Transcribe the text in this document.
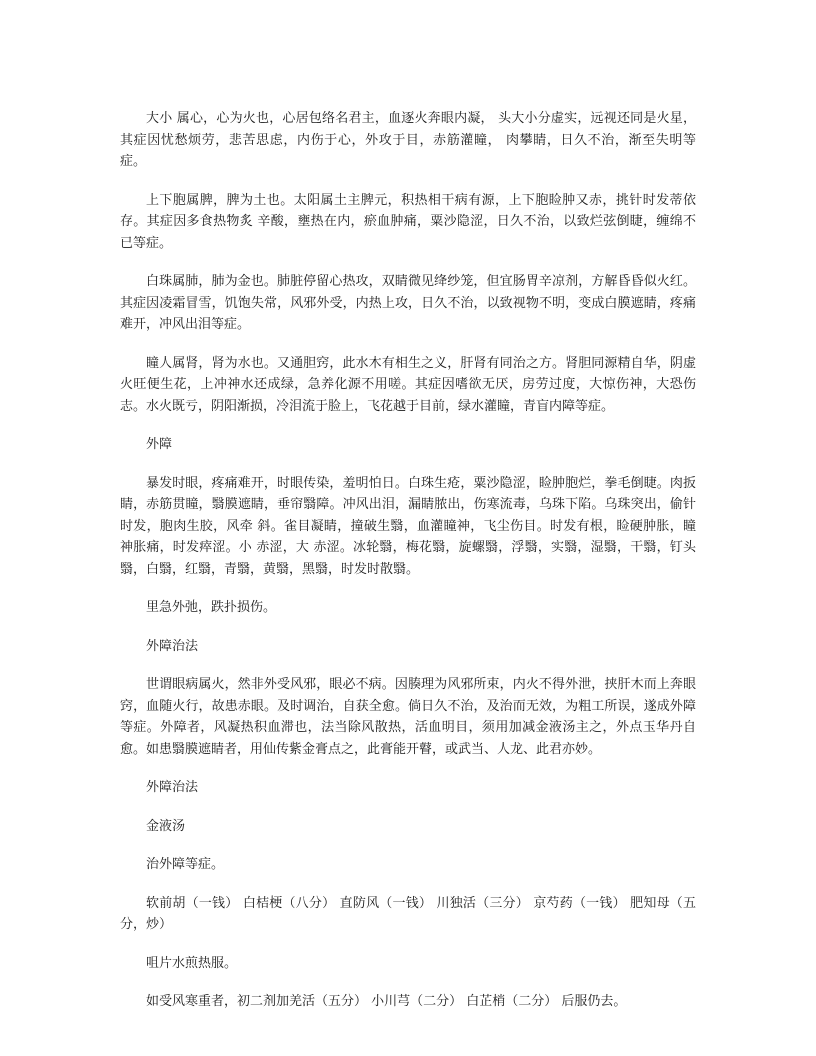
大小 属心，心为火也，心居包络名君主，血逐火奔眼内凝， 头大小分虚实，远视还同是火星，其症因忧愁烦劳，悲苦思虑，内伤于心，外攻于目，赤筋灌瞳， 肉攀睛，日久不治，渐至失明等症。

上下胞属脾，脾为土也。太阳属土主脾元，积热相干病有源，上下胞睑肿又赤，挑针时发蒂依存。其症因多食热物炙 辛酸，壅热在内，瘀血肿痛，粟沙隐涩，日久不治，以致烂弦倒睫，缠绵不已等症。

白珠属肺，肺为金也。肺脏停留心热攻，双睛微见绛纱笼，但宜肠胃辛凉剂，方解昏昏似火红。其症因凌霜冒雪，饥饱失常，风邪外受，内热上攻，日久不治，以致视物不明，变成白膜遮睛，疼痛难开，冲风出泪等症。

瞳人属肾，肾为水也。又通胆窍，此水木有相生之义，肝肾有同治之方。肾胆同源精自华，阴虚火旺便生花，上冲神水还成绿，急养化源不用嗟。其症因嗜欲无厌，房劳过度，大惊伤神，大恐伤志。水火既亏，阴阳渐损，冷泪流于脸上，飞花越于目前，绿水灌瞳，青盲内障等症。

外障

暴发时眼，疼痛难开，时眼传染，羞明怕日。白珠生疮，粟沙隐涩，睑肿胞烂，拳毛倒睫。肉扳睛，赤筋贯瞳，翳膜遮睛，垂帘翳障。冲风出泪，漏睛脓出，伤寒流毒，乌珠下陷。乌珠突出，偷针时发，胞肉生胶，风牵 斜。雀目凝睛，撞破生翳，血灌瞳神，飞尘伤目。时发有根，睑硬肿胀，瞳神胀痛，时发瘁涩。小 赤涩，大 赤涩。冰轮翳，梅花翳，旋螺翳，浮翳，实翳，湿翳，干翳，钉头翳，白翳，红翳，青翳，黄翳，黑翳，时发时散翳。

里急外弛，跌扑损伤。

外障治法

世谓眼病属火，然非外受风邪，眼必不病。因腠理为风邪所束，内火不得外泄，挟肝木而上奔眼窍，血随火行，故患赤眼。及时调治，自获全愈。倘日久不治，及治而无效，为粗工所误，遂成外障等症。外障者，风凝热积血滞也，法当除风散热，活血明目，须用加减金液汤主之，外点玉华丹自愈。如患翳膜遮睛者，用仙传紫金膏点之，此膏能开瞽，或武当、人龙、此君亦妙。

外障治法

金液汤

治外障等症。

软前胡（一钱） 白桔梗（八分） 直防风（一钱） 川独活（三分） 京芍药（一钱） 肥知母（五分，炒）

咀片水煎热服。

如受风寒重者，初二剂加羌活（五分） 小川芎（二分） 白芷梢（二分） 后服仍去。
